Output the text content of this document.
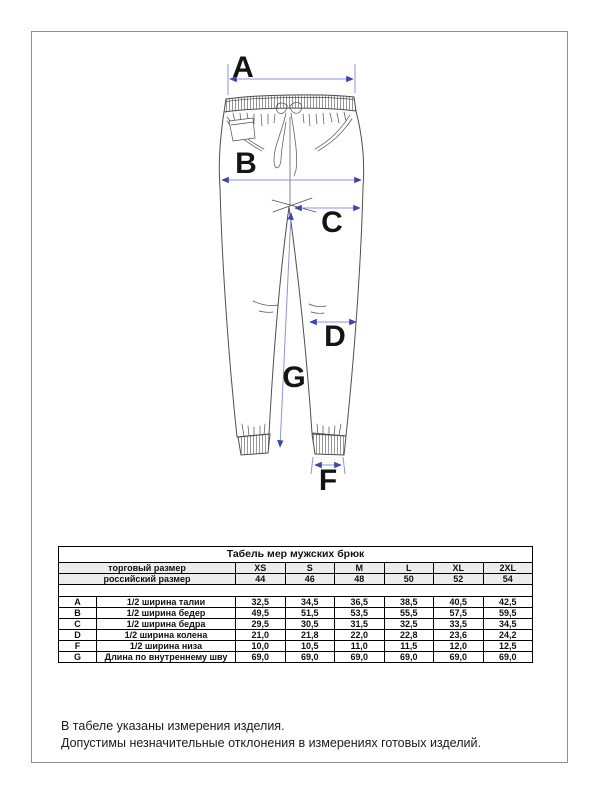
A
B
C
D
G
F
Табель мер мужских брюк							
торговый размер		XS	S	M	L	XL	2XL
российский размер		44	46	48	50	52	54

A	1/2 ширина талии	32,5	34,5	36,5	38,5	40,5	42,5
B	1/2 ширина бедер	49,5	51,5	53,5	55,5	57,5	59,5
C	1/2 ширина бедра	29,5	30,5	31,5	32,5	33,5	34,5
D	1/2 ширина колена	21,0	21,8	22,0	22,8	23,6	24,2
F	1/2 ширина низа	10,0	10,5	11,0	11,5	12,0	12,5
G	Длина по внутреннему шву	69,0	69,0	69,0	69,0	69,0	69,0
В табеле указаны измерения изделия.
Допустимы незначительные отклонения в измерениях готовых изделий.
